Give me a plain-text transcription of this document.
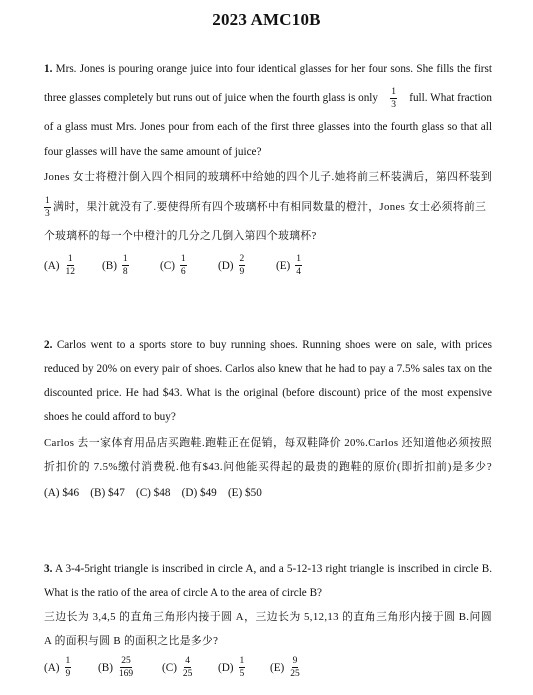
2023 AMC10B
1. Mrs. Jones is pouring orange juice into four identical glasses for her four sons. She fills the first
three glasses completely but runs out of juice when the fourth glass is only $\frac{1}{3}$ full. What fraction
of a glass must Mrs. Jones pour from each of the first three glasses into the fourth glass so that all
four glasses will have the same amount of juice?
Jones 女士将橙汁倒入四个相同的玻璃杯中给她的四个儿子.她将前三杯装满后，第四杯装到
$\frac{1}{3}$ 满时，果汁就没有了.要使得所有四个玻璃杯中有相同数量的橙汁，Jones 女士必须将前三
个玻璃杯的每一个中橙汁的几分之几倒入第四个玻璃杯?
$(A) \frac{1}{12} (B) \frac{1}{8}$	$(C) \frac{1}{6}$	$(D) \frac{2}{9}$	$(E) \frac{1}{4}$
2. Carlos went to a sports store to buy running shoes. Running shoes were on sale, with prices
reduced by 20% on every pair of shoes. Carlos also knew that he had to pay a 7.5% sales tax on the
discounted price. He had $43. What is the original (before discount) price of the most expensive
shoes he could afford to buy?
Carlos 去一家体育用品店买跑鞋.跑鞋正在促销，每双鞋降价 20%.Carlos 还知道他必须按照
折扣价的 7.5%缴付消费税.他有$43.问他能买得起的最贵的跑鞋的原价(即折扣前)是多少?
(A) $46    (B) $47    (C) $48    (D) $49    (E) $50
3. A 3-4-5right triangle is inscribed in circle A, and a 5-12-13 right triangle is inscribed in circle B.
What is the ratio of the area of circle A to the area of circle B?
三边长为 3,4,5 的直角三角形内接于圆 A，三边长为 5,12,13 的直角三角形内接于圆 B.问圆
A 的面积与圆 B 的面积之比是多少?
$(A) \frac{1}{9} (B) \frac{25}{169} (C) \frac{4}{25} (D) \frac{1}{5} (E) \frac{9}{25}$
